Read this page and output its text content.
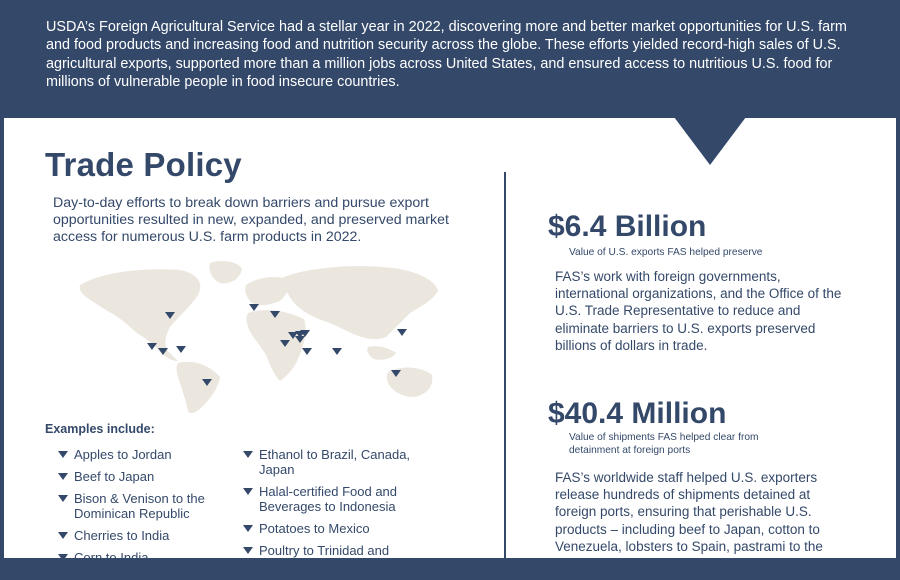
USDA’s Foreign Agricultural Service had a stellar year in 2022, discovering more and better market opportunities for U.S. farm and food products and increasing food and nutrition security across the globe. These efforts yielded record-high sales of U.S. agricultural exports, supported more than a million jobs across United States, and ensured access to nutritious U.S. food for millions of vulnerable people in food insecure countries.

Trade Policy

Day-to-day efforts to break down barriers and pursue export opportunities resulted in new, expanded, and preserved market access for numerous U.S. farm products in 2022.

Examples include:
Apples to Jordan
Beef to Japan
Bison & Venison to the Dominican Republic
Cherries to India
Corn to India
Ethanol to Brazil, Canada, Japan
Halal-certified Food and Beverages to Indonesia
Potatoes to Mexico
Poultry to Trinidad and Tobago
$6.4 Billion
Value of U.S. exports FAS helped preserve

FAS’s work with foreign governments, international organizations, and the Office of the U.S. Trade Representative to reduce and eliminate barriers to U.S. exports preserved billions of dollars in trade.

$40.4 Million
Value of shipments FAS helped clear from detainment at foreign ports

FAS’s worldwide staff helped U.S. exporters release hundreds of shipments detained at foreign ports, ensuring that perishable U.S. products – including beef to Japan, cotton to Venezuela, lobsters to Spain, pastrami to the
